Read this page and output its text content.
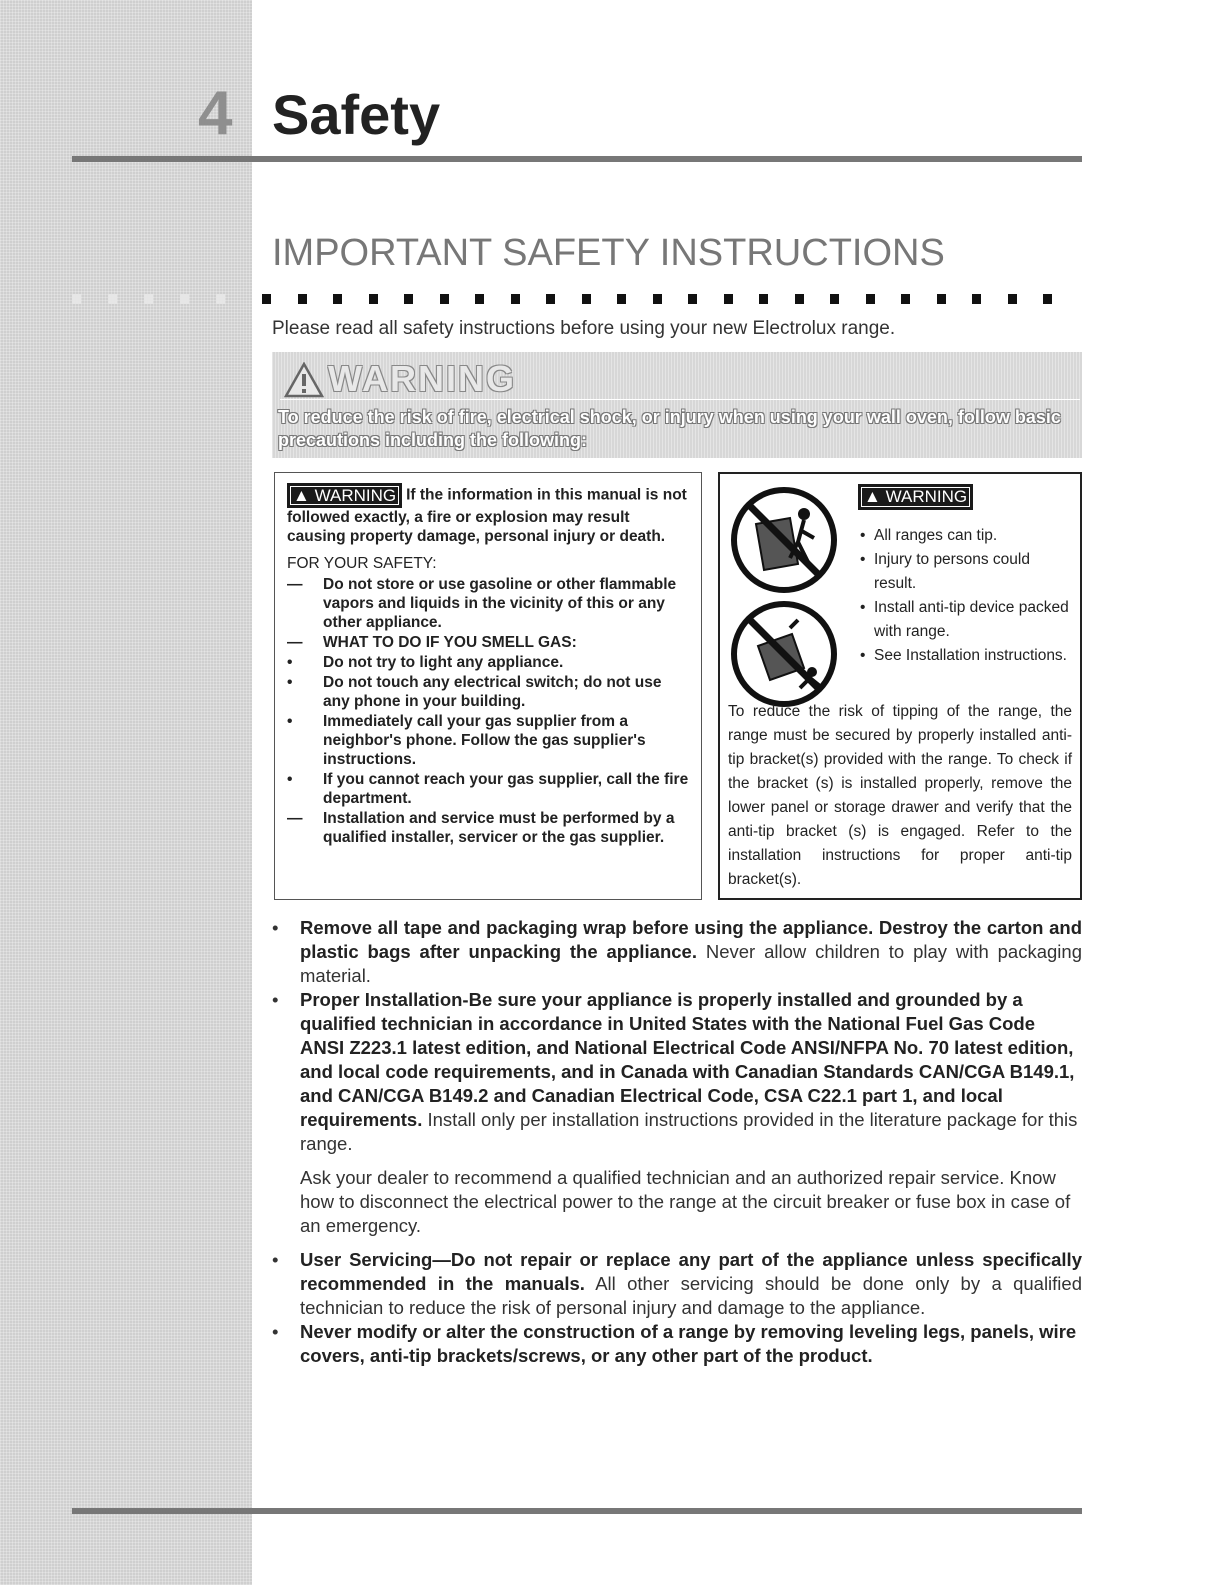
4 Safety
IMPORTANT SAFETY INSTRUCTIONS
Please read all safety instructions before using your new Electrolux range.
WARNING
To reduce the risk of fire, electrical shock, or injury when using your wall oven, follow basic precautions including the following:
▲ WARNING If the information in this manual is not followed exactly, a fire or explosion may result causing property damage, personal injury or death.
FOR YOUR SAFETY:
—	Do not store or use gasoline or other flammable vapors and liquids in the vicinity of this or any other appliance.
—	WHAT TO DO IF YOU SMELL GAS:
•	Do not try to light any appliance.
•	Do not touch any electrical switch; do not use any phone in your building.
•	Immediately call your gas supplier from a neighbor's phone. Follow the gas supplier's instructions.
•	If you cannot reach your gas supplier, call the fire department.
—	Installation and service must be performed by a qualified installer, servicer or the gas supplier.
▲ WARNING
• All ranges can tip.
• Injury to persons could result.
• Install anti-tip device packed with range.
• See Installation instructions.
To reduce the risk of tipping of the range, the range must be secured by properly installed anti-tip bracket(s) provided with the range. To check if the bracket (s) is installed properly, remove the lower panel or storage drawer and verify that the anti-tip bracket (s) is engaged. Refer to the installation instructions for proper anti-tip bracket(s).
• Remove all tape and packaging wrap before using the appliance. Destroy the carton and plastic bags after unpacking the appliance. Never allow children to play with packaging material.
• Proper Installation-Be sure your appliance is properly installed and grounded by a qualified technician in accordance in United States with the National Fuel Gas Code ANSI Z223.1 latest edition, and National Electrical Code ANSI/NFPA No. 70 latest edition, and local code requirements, and in Canada with Canadian Standards CAN/CGA B149.1, and CAN/CGA B149.2 and Canadian Electrical Code, CSA C22.1 part 1, and local requirements. Install only per installation instructions provided in the literature package for this range.
Ask your dealer to recommend a qualified technician and an authorized repair service. Know how to disconnect the electrical power to the range at the circuit breaker or fuse box in case of an emergency.
• User Servicing—Do not repair or replace any part of the appliance unless specifically recommended in the manuals. All other servicing should be done only by a qualified technician to reduce the risk of personal injury and damage to the appliance.
• Never modify or alter the construction of a range by removing leveling legs, panels, wire covers, anti-tip brackets/screws, or any other part of the product.
